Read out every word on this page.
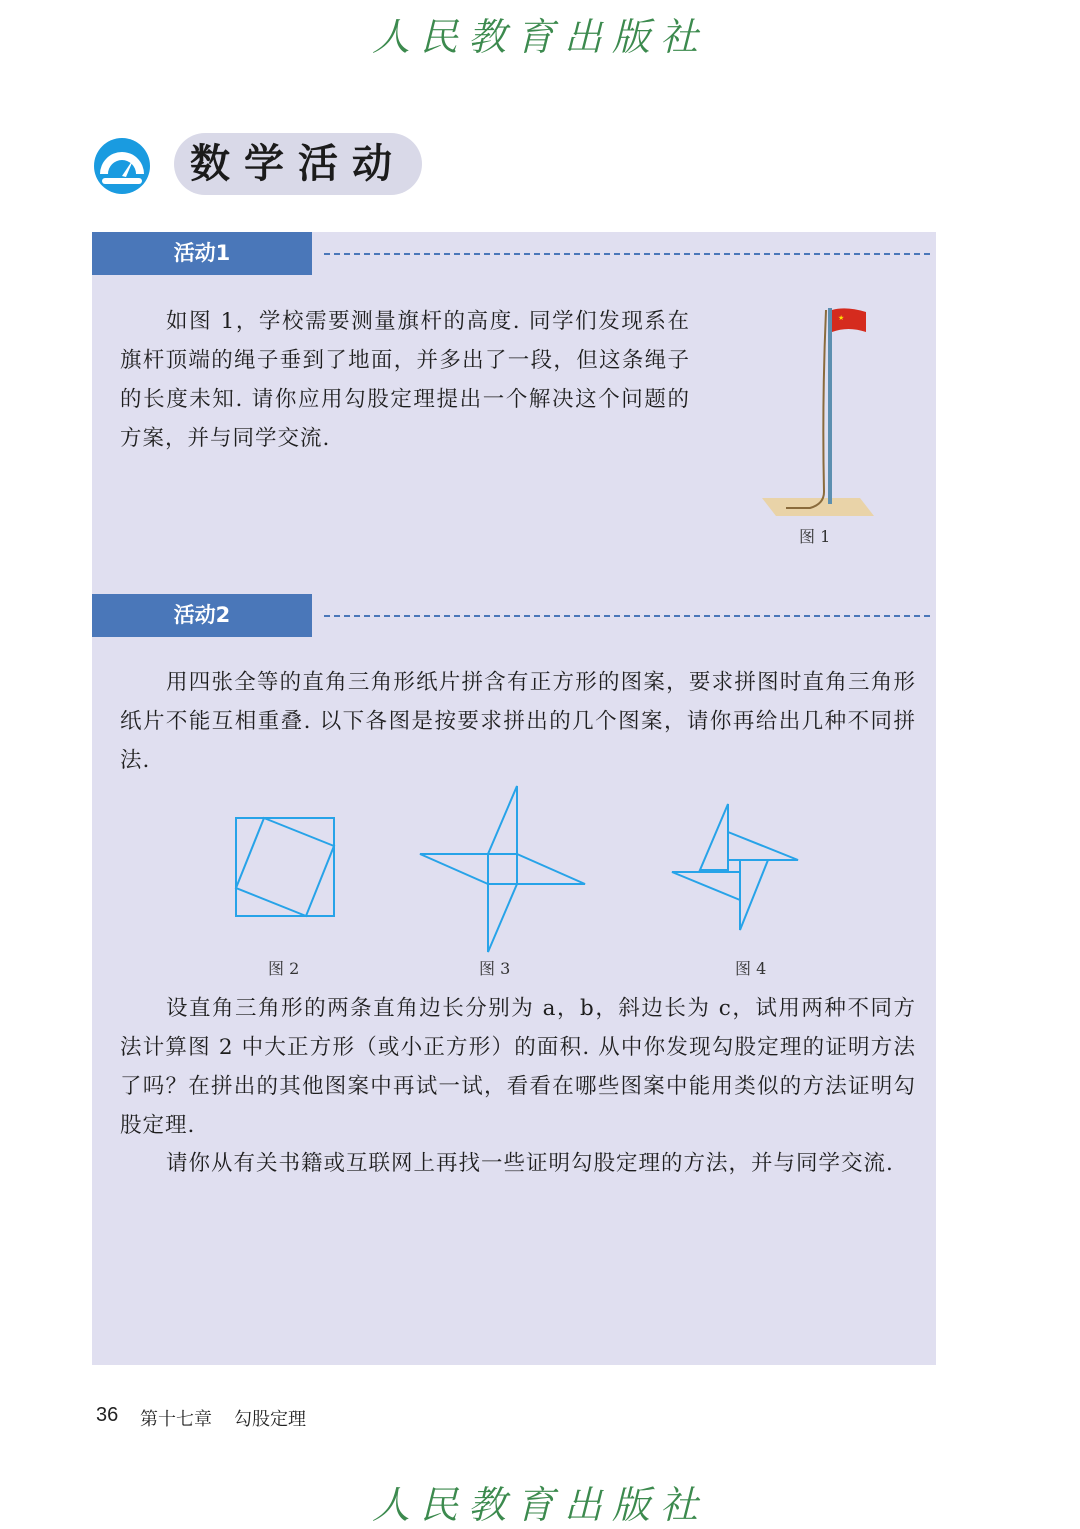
人民教育出版社
数学活动
活动1
如图 1，学校需要测量旗杆的高度. 同学们发现系在旗杆顶端的绳子垂到了地面，并多出了一段，但这条绳子的长度未知. 请你应用勾股定理提出一个解决这个问题的方案，并与同学交流.
★
图 1
活动2
用四张全等的直角三角形纸片拼含有正方形的图案，要求拼图时直角三角形纸片不能互相重叠. 以下各图是按要求拼出的几个图案，请你再给出几种不同拼法.
图 2	图 3	图 4
设直角三角形的两条直角边长分别为 a，b，斜边长为 c，试用两种不同方法计算图 2 中大正方形（或小正方形）的面积. 从中你发现勾股定理的证明方法了吗？在拼出的其他图案中再试一试，看看在哪些图案中能用类似的方法证明勾股定理.
请你从有关书籍或互联网上再找一些证明勾股定理的方法，并与同学交流.
36 第十七章 勾股定理
人民教育出版社
